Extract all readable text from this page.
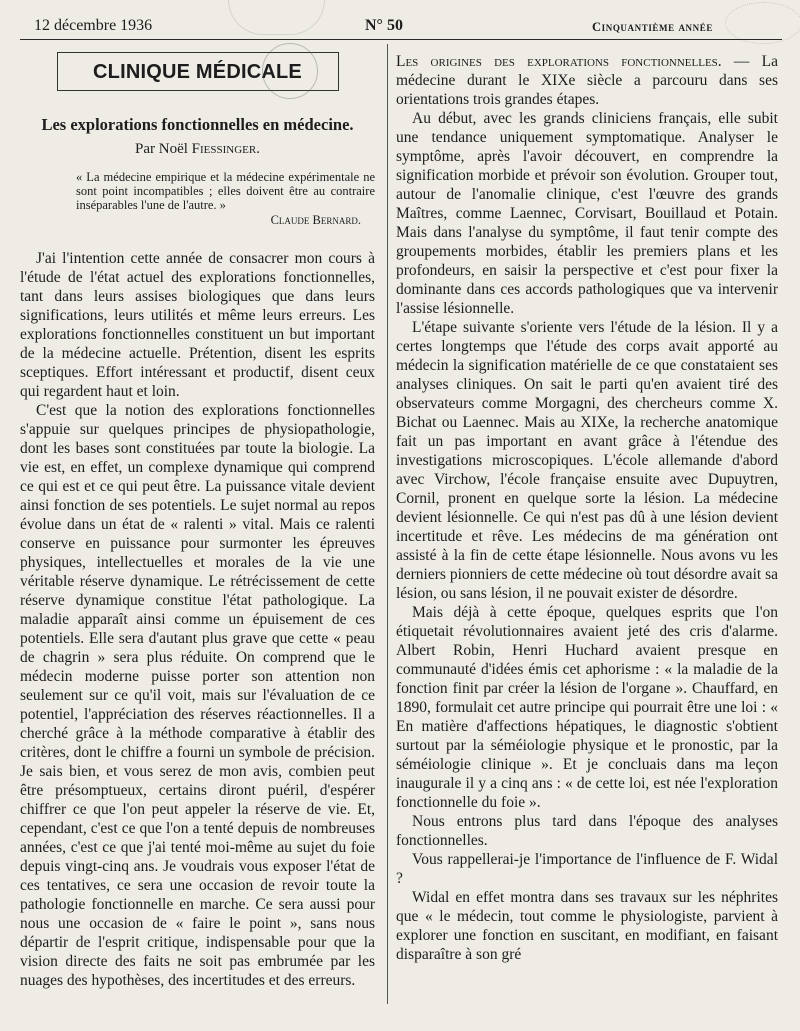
12 décembre 1936	N° 50	Cinquantième année
CLINIQUE MÉDICALE
Les explorations fonctionnelles en médecine.
Par Noël Fiessinger.
« La médecine empirique et la médecine expérimentale ne sont point incompatibles ; elles doivent être au contraire inséparables l'une de l'autre. »
Claude Bernard.

J'ai l'intention cette année de consacrer mon cours à l'étude de l'état actuel des explorations fonctionnelles, tant dans leurs assises biologiques que dans leurs significations, leurs utilités et même leurs erreurs. Les explorations fonctionnelles constituent un but important de la médecine actuelle. Prétention, disent les esprits sceptiques. Effort intéressant et productif, disent ceux qui regardent haut et loin.

C'est que la notion des explorations fonctionnelles s'appuie sur quelques principes de physiopathologie, dont les bases sont constituées par toute la biologie. La vie est, en effet, un complexe dynamique qui comprend ce qui est et ce qui peut être. La puissance vitale devient ainsi fonction de ses potentiels. Le sujet normal au repos évolue dans un état de « ralenti » vital. Mais ce ralenti conserve en puissance pour surmonter les épreuves physiques, intellectuelles et morales de la vie une véritable réserve dynamique. Le rétrécissement de cette réserve dynamique constitue l'état pathologique. La maladie apparaît ainsi comme un épuisement de ces potentiels. Elle sera d'autant plus grave que cette « peau de chagrin » sera plus réduite. On comprend que le médecin moderne puisse porter son attention non seulement sur ce qu'il voit, mais sur l'évaluation de ce potentiel, l'appréciation des réserves réactionnelles. Il a cherché grâce à la méthode comparative à établir des critères, dont le chiffre a fourni un symbole de précision. Je sais bien, et vous serez de mon avis, combien peut être présomptueux, certains diront puéril, d'espérer chiffrer ce que l'on peut appeler la réserve de vie. Et, cependant, c'est ce que l'on a tenté depuis de nombreuses années, c'est ce que j'ai tenté moi-même au sujet du foie depuis vingt-cinq ans. Je voudrais vous exposer l'état de ces tentatives, ce sera une occasion de revoir toute la pathologie fonctionnelle en marche. Ce sera aussi pour nous une occasion de « faire le point », sans nous départir de l'esprit critique, indispensable pour que la vision directe des faits ne soit pas embrumée par les nuages des hypothèses, des incertitudes et des erreurs.

Les origines des explorations fonctionnelles. — La médecine durant le XIXe siècle a parcouru dans ses orientations trois grandes étapes.

Au début, avec les grands cliniciens français, elle subit une tendance uniquement symptomatique. Analyser le symptôme, après l'avoir découvert, en comprendre la signification morbide et prévoir son évolution. Grouper tout, autour de l'anomalie clinique, c'est l'œuvre des grands Maîtres, comme Laennec, Corvisart, Bouillaud et Potain. Mais dans l'analyse du symptôme, il faut tenir compte des groupements morbides, établir les premiers plans et les profondeurs, en saisir la perspective et c'est pour fixer la dominante dans ces accords pathologiques que va intervenir l'assise lésionnelle.

L'étape suivante s'oriente vers l'étude de la lésion. Il y a certes longtemps que l'étude des corps avait apporté au médecin la signification matérielle de ce que constataient ses analyses cliniques. On sait le parti qu'en avaient tiré des observateurs comme Morgagni, des chercheurs comme X. Bichat ou Laennec. Mais au XIXe, la recherche anatomique fait un pas important en avant grâce à l'étendue des investigations microscopiques. L'école allemande d'abord avec Virchow, l'école française ensuite avec Dupuytren, Cornil, pronent en quelque sorte la lésion. La médecine devient lésionnelle. Ce qui n'est pas dû à une lésion devient incertitude et rêve. Les médecins de ma génération ont assisté à la fin de cette étape lésionnelle. Nous avons vu les derniers pionniers de cette médecine où tout désordre avait sa lésion, ou sans lésion, il ne pouvait exister de désordre.

Mais déjà à cette époque, quelques esprits que l'on étiquetait révolutionnaires avaient jeté des cris d'alarme. Albert Robin, Henri Huchard avaient presque en communauté d'idées émis cet aphorisme : « la maladie de la fonction finit par créer la lésion de l'organe ». Chauffard, en 1890, formulait cet autre principe qui pourrait être une loi : « En matière d'affections hépatiques, le diagnostic s'obtient surtout par la séméiologie physique et le pronostic, par la séméiologie clinique ». Et je concluais dans ma leçon inaugurale il y a cinq ans : « de cette loi, est née l'exploration fonctionnelle du foie ».

Nous entrons plus tard dans l'époque des analyses fonctionnelles.

Vous rappellerai-je l'importance de l'influence de F. Widal ?

Widal en effet montra dans ses travaux sur les néphrites que « le médecin, tout comme le physiologiste, parvient à explorer une fonction en suscitant, en modifiant, en faisant disparaître à son gré
